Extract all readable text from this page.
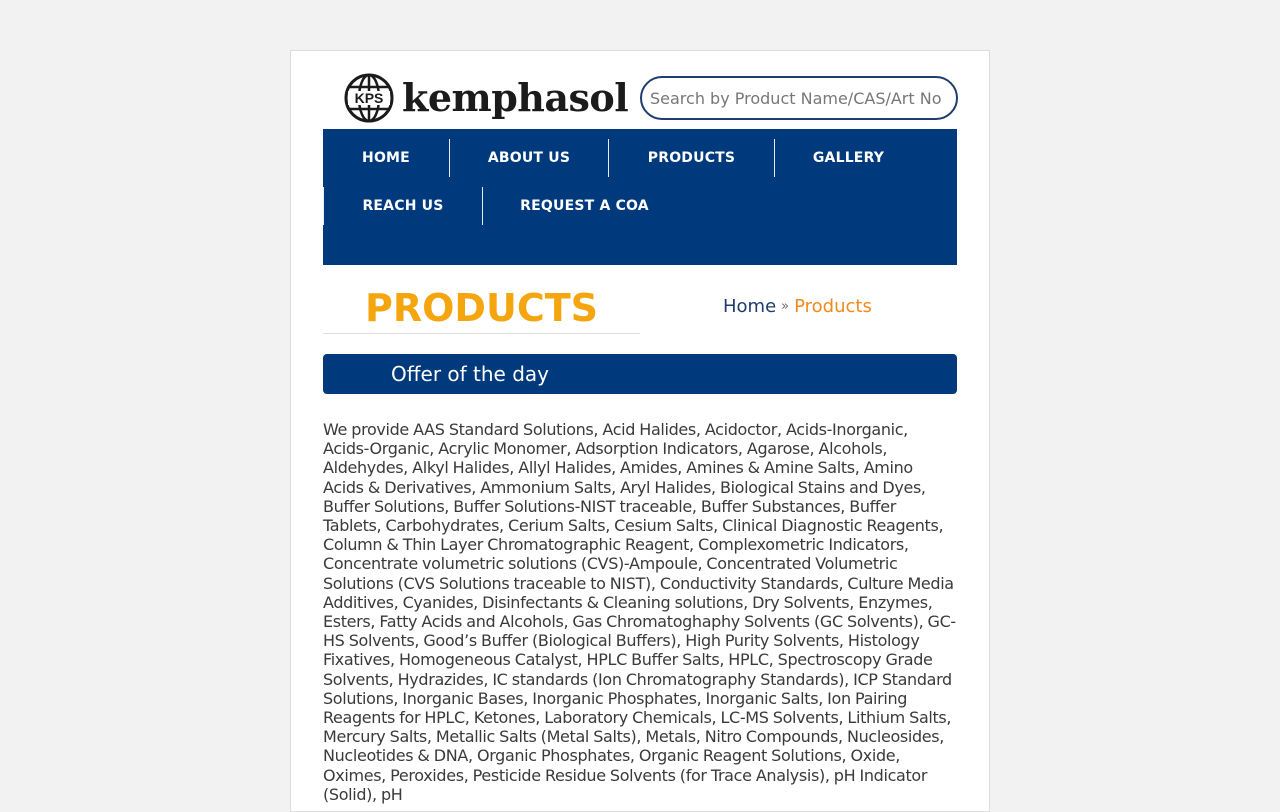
KPS kemphasol
Search by Product Name/CAS/Art No
HOME	ABOUT US	PRODUCTS	GALLERY
REACH US	REQUEST A COA
PRODUCTS	Home » Products
Offer of the day
We provide AAS Standard Solutions, Acid Halides, Acidoctor, Acids-Inorganic, Acids-Organic, Acrylic Monomer, Adsorption Indicators, Agarose, Alcohols, Aldehydes, Alkyl Halides, Allyl Halides, Amides, Amines & Amine Salts, Amino Acids & Derivatives, Ammonium Salts, Aryl Halides, Biological Stains and Dyes, Buffer Solutions, Buffer Solutions-NIST traceable, Buffer Substances, Buffer Tablets, Carbohydrates, Cerium Salts, Cesium Salts, Clinical Diagnostic Reagents, Column & Thin Layer Chromatographic Reagent, Complexometric Indicators, Concentrate volumetric solutions (CVS)-Ampoule, Concentrated Volumetric Solutions (CVS Solutions traceable to NIST), Conductivity Standards, Culture Media Additives, Cyanides, Disinfectants & Cleaning solutions, Dry Solvents, Enzymes, Esters, Fatty Acids and Alcohols, Gas Chromatoghaphy Solvents (GC Solvents), GC-HS Solvents, Good’s Buffer (Biological Buffers), High Purity Solvents, Histology Fixatives, Homogeneous Catalyst, HPLC Buffer Salts, HPLC, Spectroscopy Grade Solvents, Hydrazides, IC standards (Ion Chromatography Standards), ICP Standard Solutions, Inorganic Bases, Inorganic Phosphates, Inorganic Salts, Ion Pairing Reagents for HPLC, Ketones, Laboratory Chemicals, LC-MS Solvents, Lithium Salts, Mercury Salts, Metallic Salts (Metal Salts), Metals, Nitro Compounds, Nucleosides, Nucleotides & DNA, Organic Phosphates, Organic Reagent Solutions, Oxide, Oximes, Peroxides, Pesticide Residue Solvents (for Trace Analysis), pH Indicator (Solid), pH
